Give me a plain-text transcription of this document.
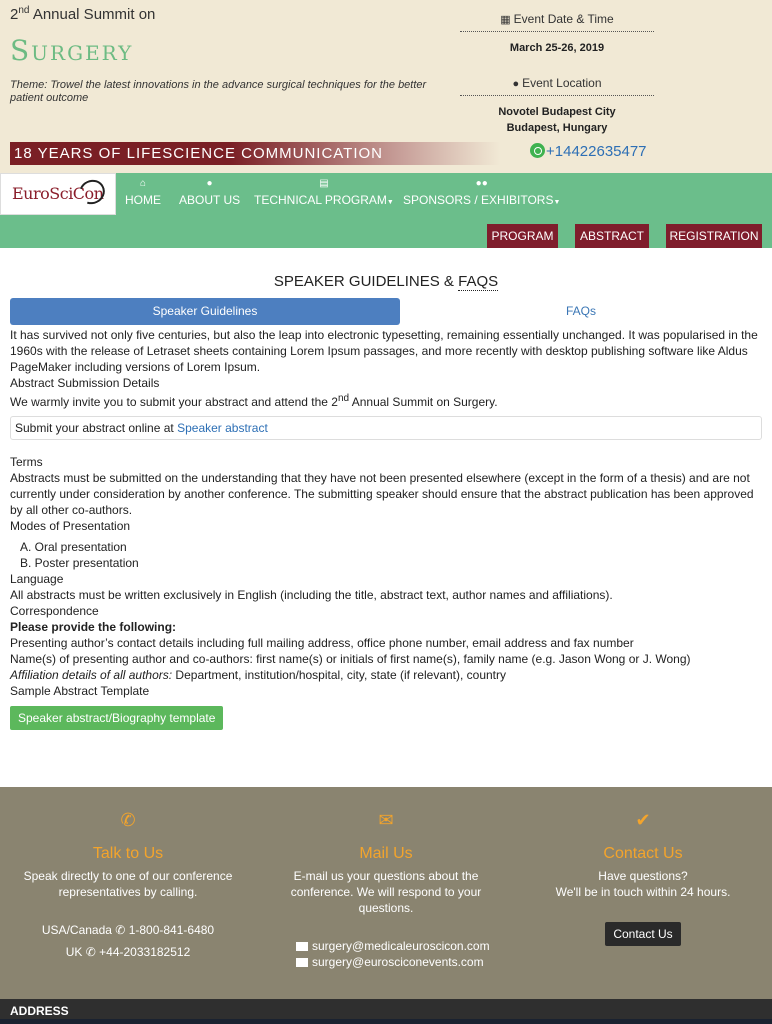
2nd Annual Summit on
Surgery
Theme: Trowel the latest innovations in the advance surgical techniques for the better patient outcome
▦ Event Date & Time
March 25-26, 2019
● Event Location
Novotel Budapest City
Budapest, Hungary
18 YEARS OF LIFESCIENCE COMMUNICATION	+14422635477
EuroSciCon
⌂
HOME
●
ABOUT US
▤
TECHNICAL PROGRAM▼
●●
SPONSORS / EXHIBITORS▼
PROGRAM	ABSTRACT	REGISTRATION
SPEAKER GUIDELINES & FAQS
Speaker Guidelines	FAQs

It has survived not only five centuries, but also the leap into electronic typesetting, remaining essentially unchanged. It was popularised in the 1960s with the release of Letraset sheets containing Lorem Ipsum passages, and more recently with desktop publishing software like Aldus PageMaker including versions of Lorem Ipsum.

Abstract Submission Details

We warmly invite you to submit your abstract and attend the 2nd Annual Summit on Surgery.

Submit your abstract online at Speaker abstract

Terms

Abstracts must be submitted on the understanding that they have not been presented elsewhere (except in the form of a thesis) and are not currently under consideration by another conference. The submitting speaker should ensure that the abstract publication has been approved by all other co-authors.

Modes of Presentation

A. Oral presentation
B. Poster presentation

Language

All abstracts must be written exclusively in English (including the title, abstract text, author names and affiliations).

Correspondence

Please provide the following:

Presenting author’s contact details including full mailing address, office phone number, email address and fax number

Name(s) of presenting author and co-authors: first name(s) or initials of first name(s), family name (e.g. Jason Wong or J. Wong)

Affiliation details of all authors: Department, institution/hospital, city, state (if relevant), country

Sample Abstract Template

Speaker abstract/Biography template
✆
Talk to Us
Speak directly to one of our conference representatives by calling.
USA/Canada ✆ 1-800-841-6480
UK ✆ +44-2033182512
✉
Mail Us
E-mail us your questions about the conference. We will respond to your questions.
surgery@medicaleuroscicon.com
surgery@eurosciconevents.com
✔
Contact Us
Have questions?
We'll be in touch within 24 hours.
Contact Us
ADDRESS
